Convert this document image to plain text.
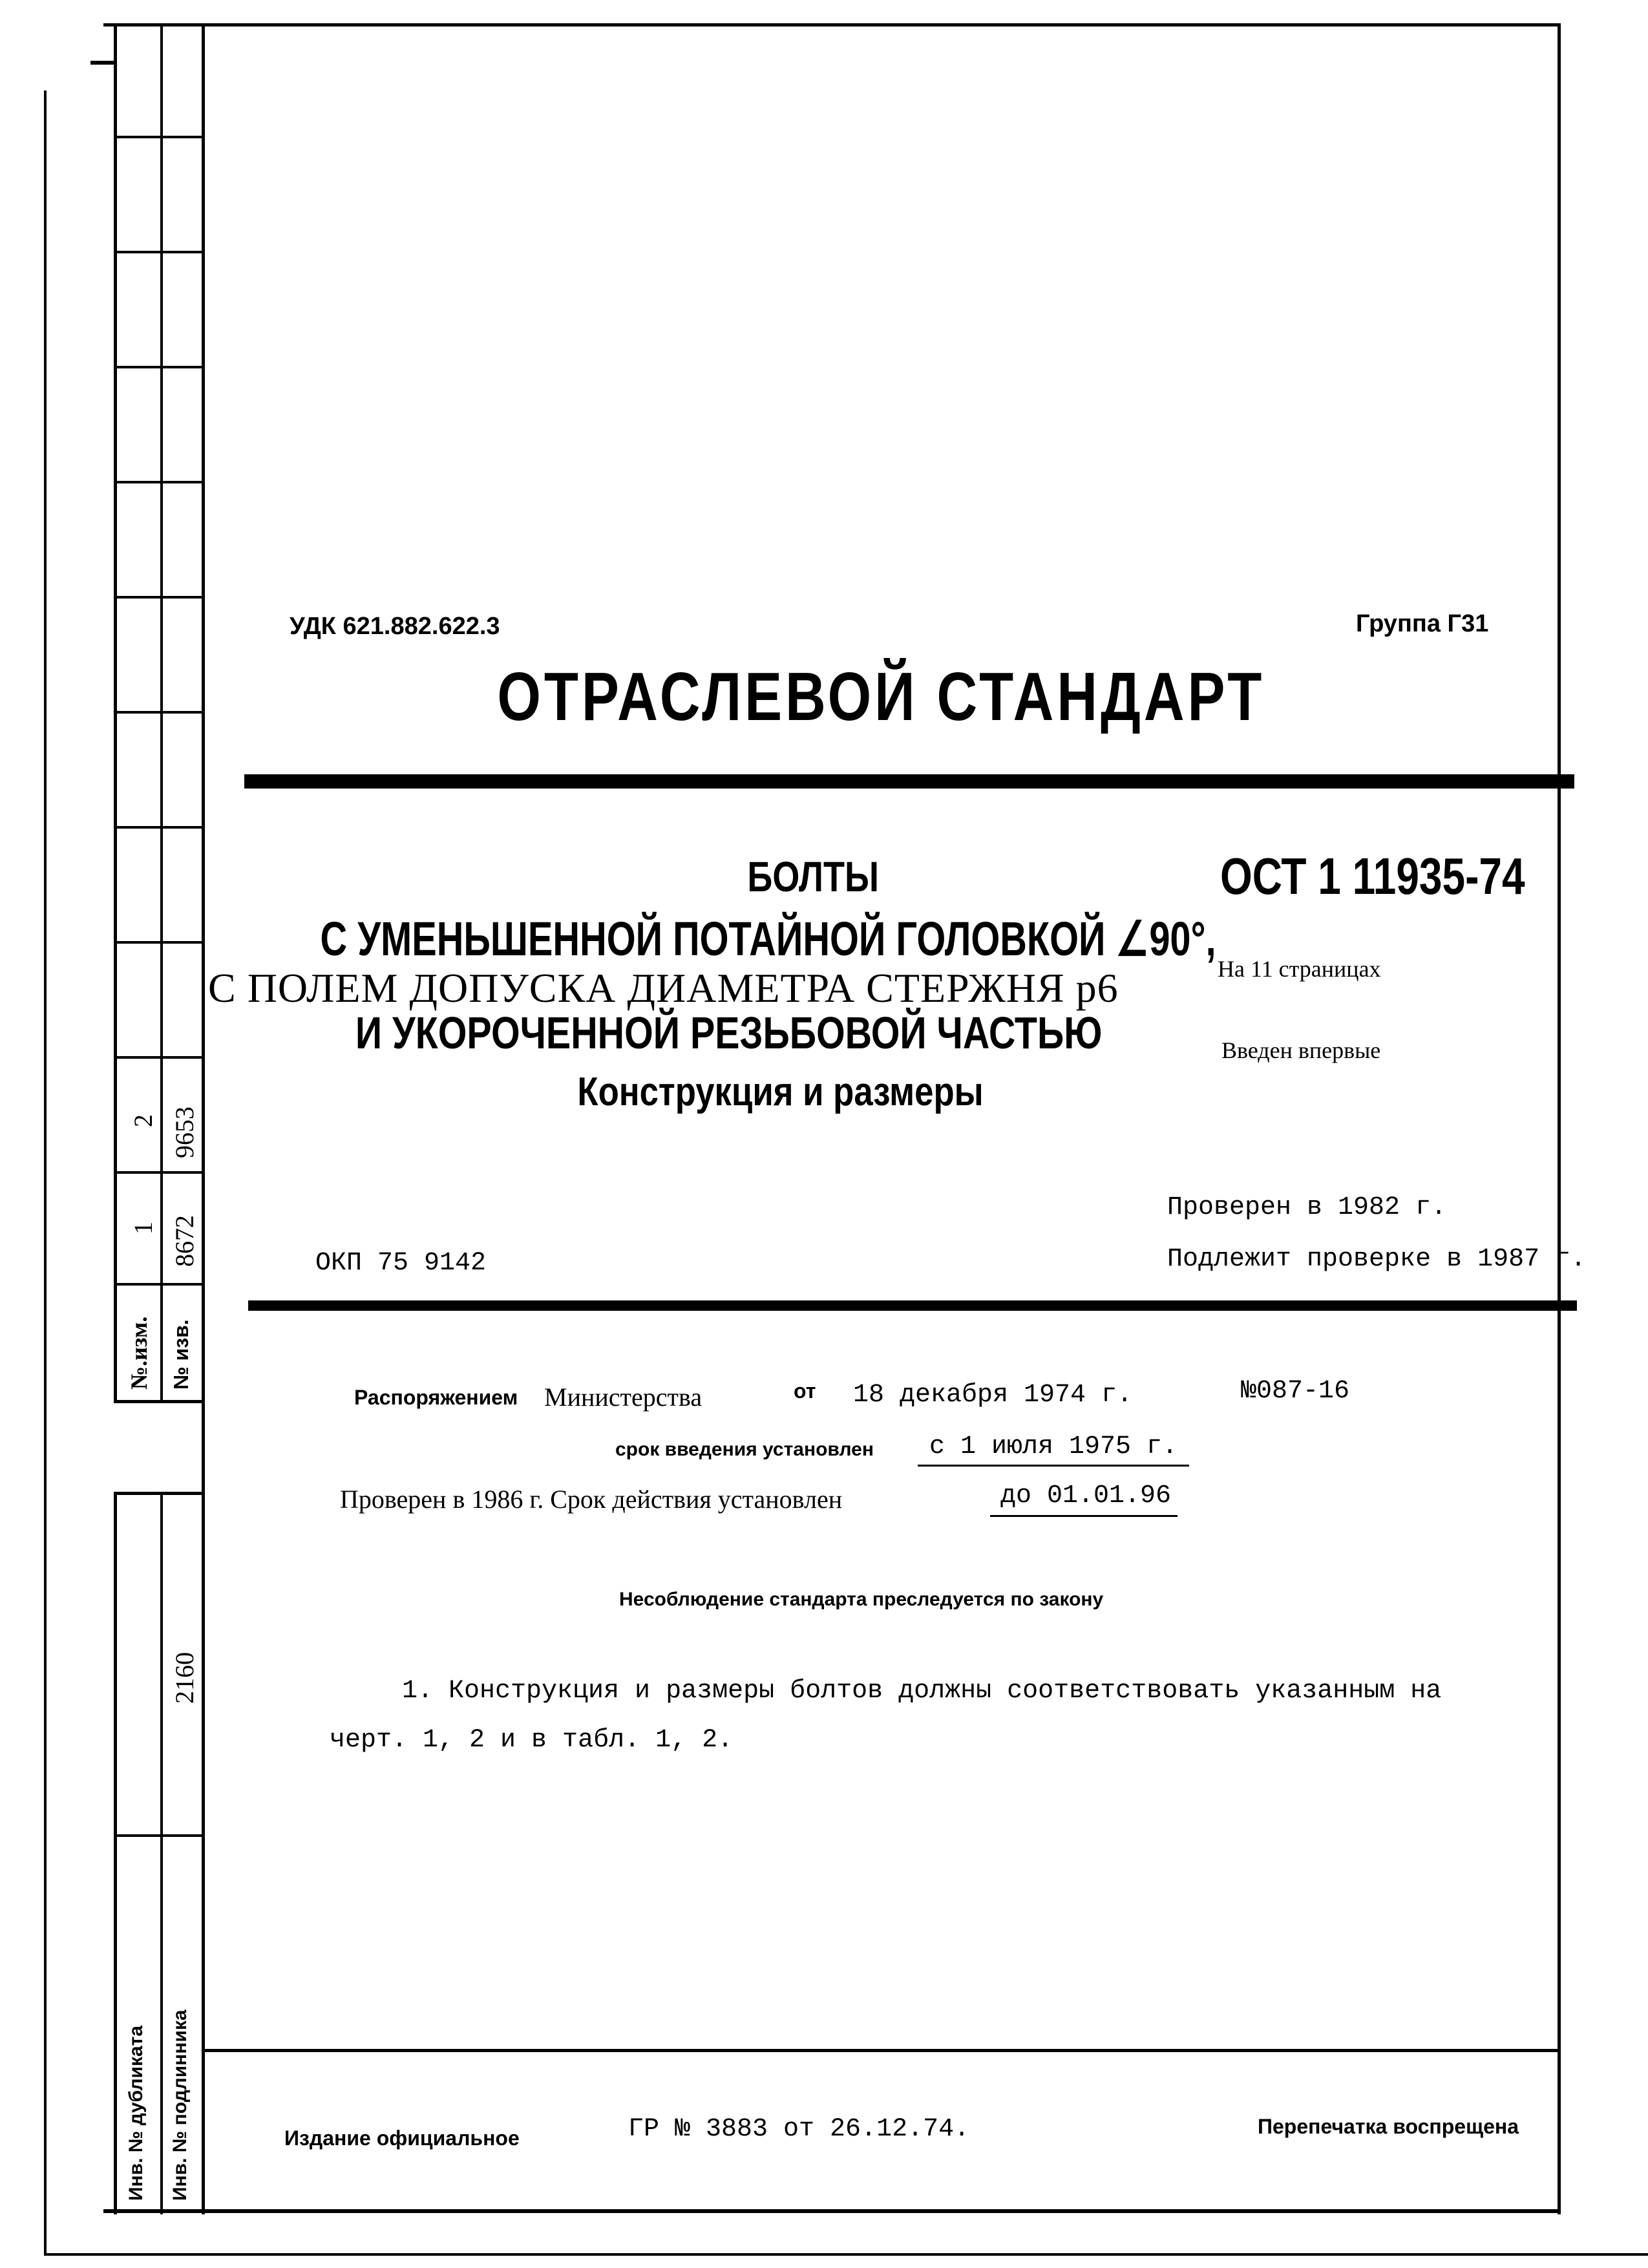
2 9653
1 8672
№.изм. № изв.
2160
Инв. № дубликата Инв. № подлинника
УДК 621.882.622.3	Группа Г31
ОТРАСЛЕВОЙ СТАНДАРТ
БОЛТЫ
С УМЕНЬШЕННОЙ ПОТАЙНОЙ ГОЛОВКОЙ ∠90°,
С ПОЛЕМ ДОПУСКА ДИАМЕТРА СТЕРЖНЯ р6
И УКОРОЧЕННОЙ РЕЗЬБОВОЙ ЧАСТЬЮ
Конструкция и размеры
ОСТ 1 11935-74
На 11 страницах
Введен впервые
Проверен в 1982 г.
Подлежит проверке в 1987 г.
ОКП 75 9142
Распоряжением Министерства	от 18 декабря 1974 г.	№087-16
срок введения установлен с 1 июля 1975 г.
Проверен в 1986 г. Срок действия установлен	до 01.01.96
Несоблюдение стандарта преследуется по закону
1. Конструкция и размеры болтов должны соответствовать указанным на
черт. 1, 2 и в табл. 1, 2.
Издание официальное	ГР № 3883 от 26.12.74.	Перепечатка воспрещена
